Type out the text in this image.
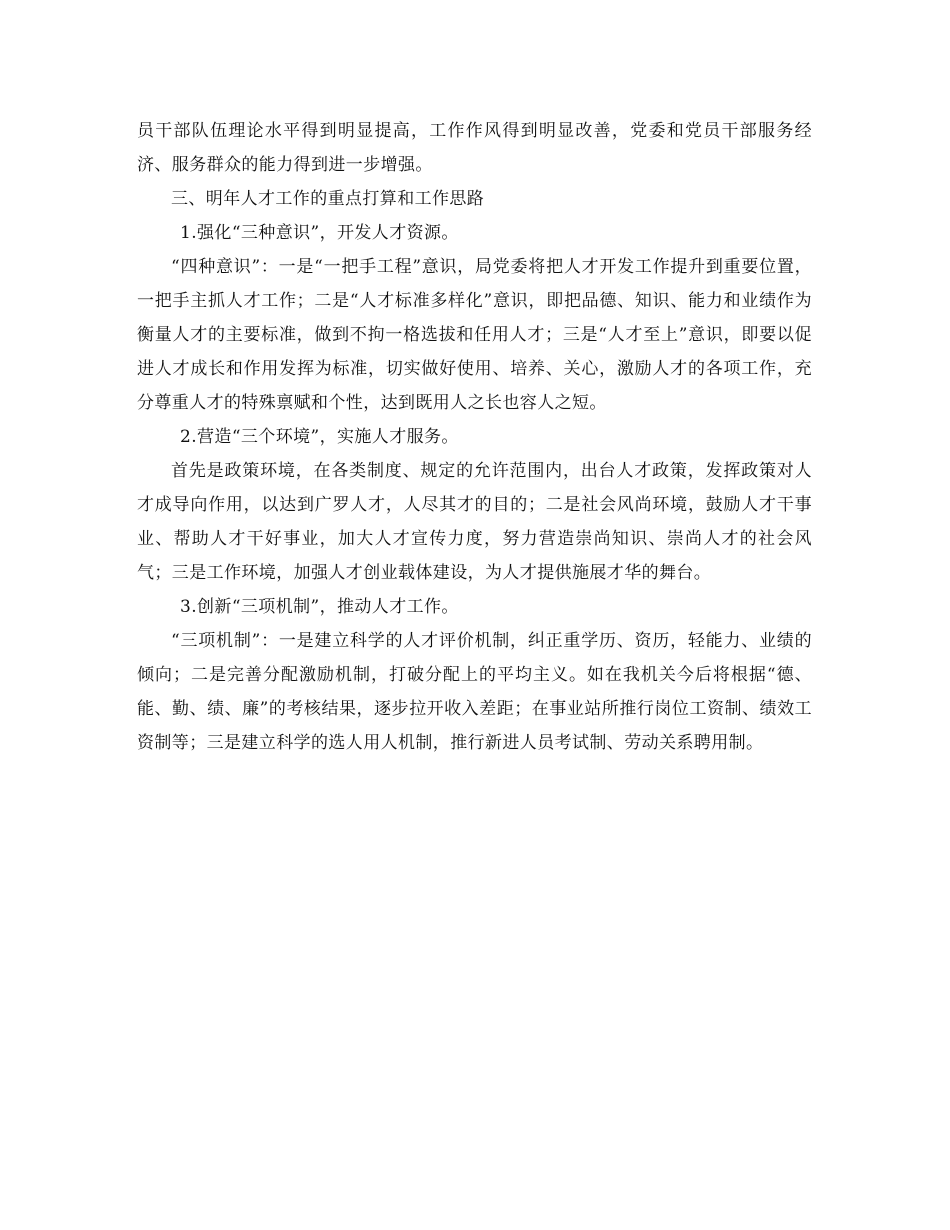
员干部队伍理论水平得到明显提高，工作作风得到明显改善，党委和党员干部服务经济、服务群众的能力得到进一步增强。

三、明年人才工作的重点打算和工作思路

1.强化“三种意识”，开发人才资源。

“四种意识”：一是“一把手工程”意识，局党委将把人才开发工作提升到重要位置，一把手主抓人才工作；二是“人才标准多样化”意识，即把品德、知识、能力和业绩作为衡量人才的主要标准，做到不拘一格选拔和任用人才；三是“人才至上”意识，即要以促进人才成长和作用发挥为标准，切实做好使用、培养、关心，激励人才的各项工作，充分尊重人才的特殊禀赋和个性，达到既用人之长也容人之短。

2.营造“三个环境”，实施人才服务。

首先是政策环境，在各类制度、规定的允许范围内，出台人才政策，发挥政策对人才成导向作用，以达到广罗人才，人尽其才的目的；二是社会风尚环境，鼓励人才干事业、帮助人才干好事业，加大人才宣传力度，努力营造崇尚知识、崇尚人才的社会风气；三是工作环境，加强人才创业载体建设，为人才提供施展才华的舞台。

3.创新“三项机制”，推动人才工作。

“三项机制”：一是建立科学的人才评价机制，纠正重学历、资历，轻能力、业绩的倾向；二是完善分配激励机制，打破分配上的平均主义。如在我机关今后将根据“德、能、勤、绩、廉”的考核结果，逐步拉开收入差距；在事业站所推行岗位工资制、绩效工资制等；三是建立科学的选人用人机制，推行新进人员考试制、劳动关系聘用制。
